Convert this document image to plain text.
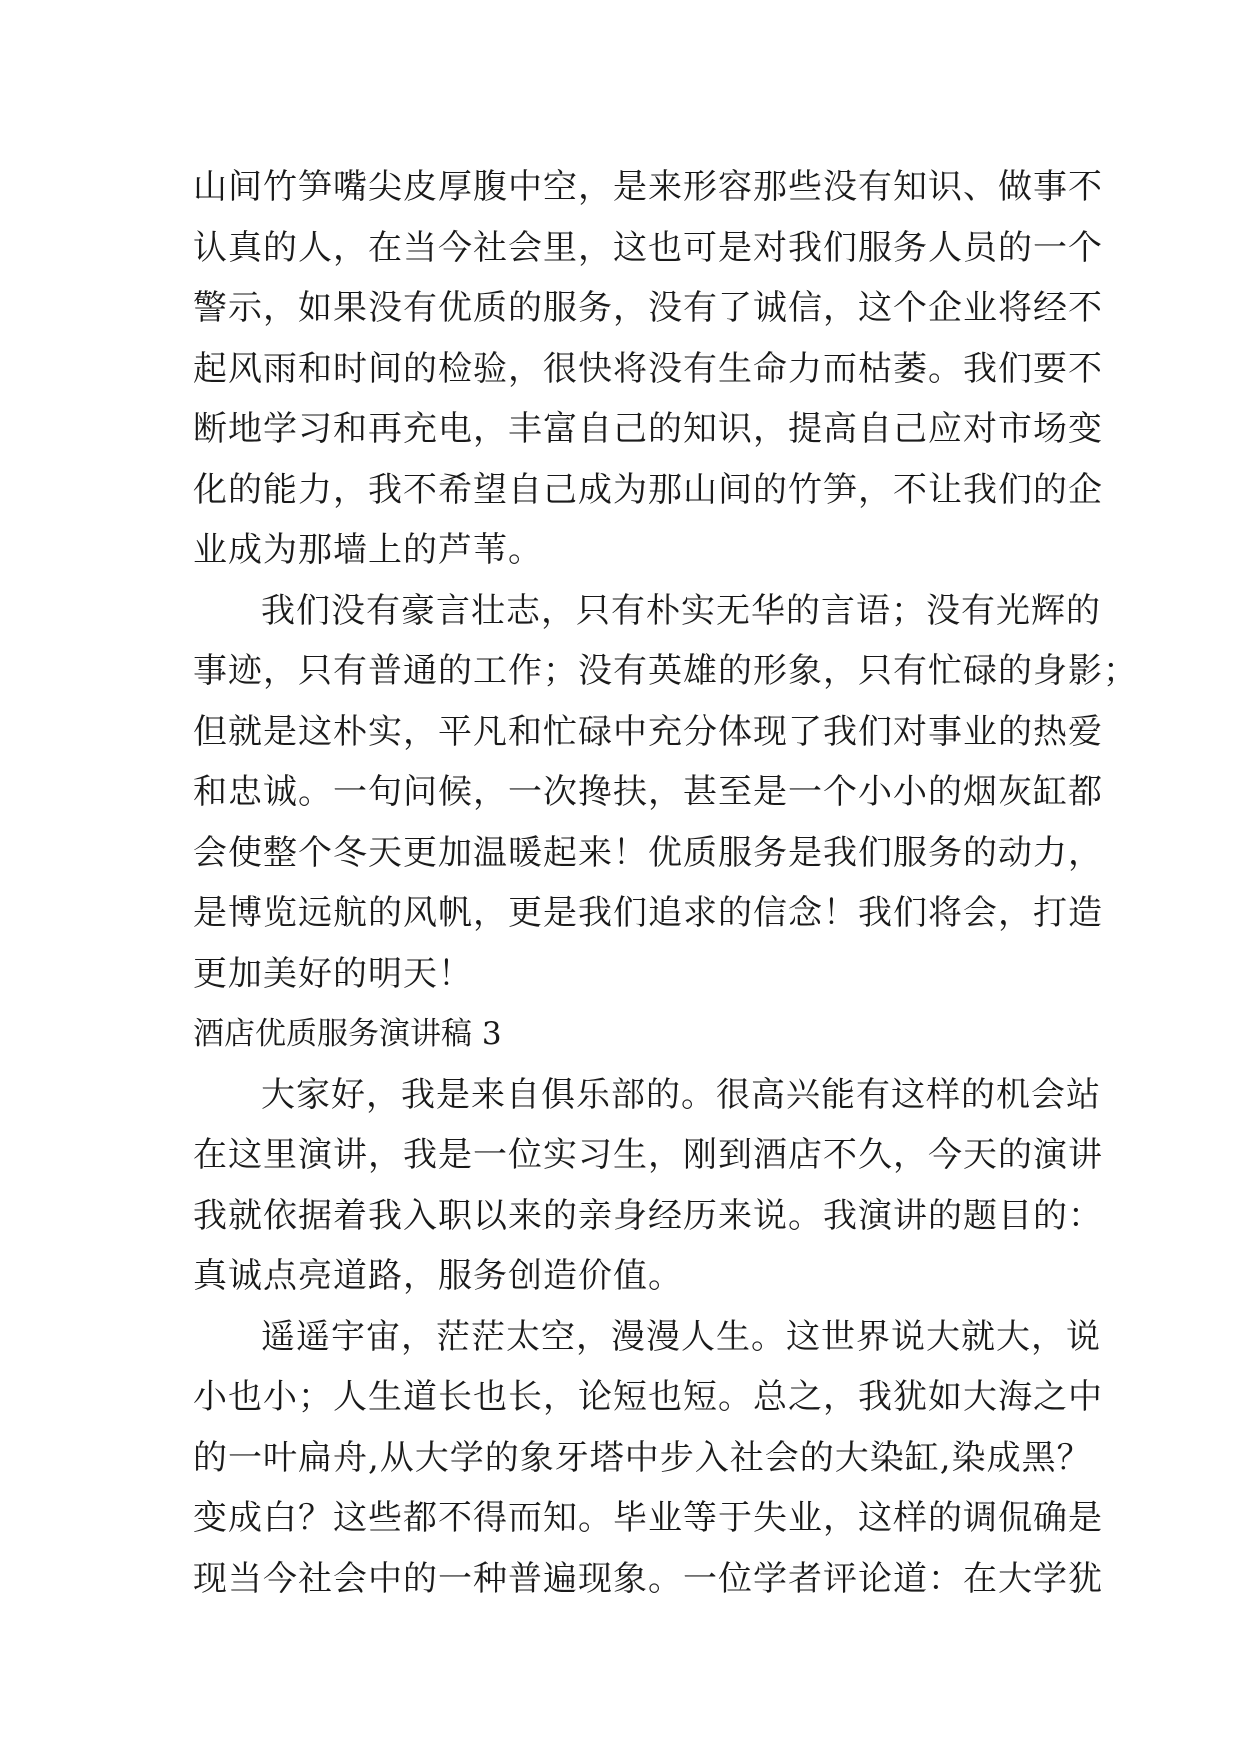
山间竹笋嘴尖皮厚腹中空，是来形容那些没有知识、做事不
认真的人，在当今社会里，这也可是对我们服务人员的一个
警示，如果没有优质的服务，没有了诚信，这个企业将经不
起风雨和时间的检验，很快将没有生命力而枯萎。我们要不
断地学习和再充电，丰富自己的知识，提高自己应对市场变
化的能力，我不希望自己成为那山间的竹笋，不让我们的企
业成为那墙上的芦苇。
我们没有豪言壮志，只有朴实无华的言语；没有光辉的
事迹，只有普通的工作；没有英雄的形象，只有忙碌的身影；
但就是这朴实，平凡和忙碌中充分体现了我们对事业的热爱
和忠诚。一句问候，一次搀扶，甚至是一个小小的烟灰缸都
会使整个冬天更加温暖起来！优质服务是我们服务的动力，
是博览远航的风帆，更是我们追求的信念！我们将会，打造
更加美好的明天！
酒店优质服务演讲稿 3
大家好，我是来自俱乐部的。很高兴能有这样的机会站
在这里演讲，我是一位实习生，刚到酒店不久，今天的演讲
我就依据着我入职以来的亲身经历来说。我演讲的题目的：
真诚点亮道路，服务创造价值。
遥遥宇宙，茫茫太空，漫漫人生。这世界说大就大，说
小也小；人生道长也长，论短也短。总之，我犹如大海之中
的一叶扁舟,从大学的象牙塔中步入社会的大染缸,染成黑？
变成白？这些都不得而知。毕业等于失业，这样的调侃确是
现当今社会中的一种普遍现象。一位学者评论道：在大学犹
